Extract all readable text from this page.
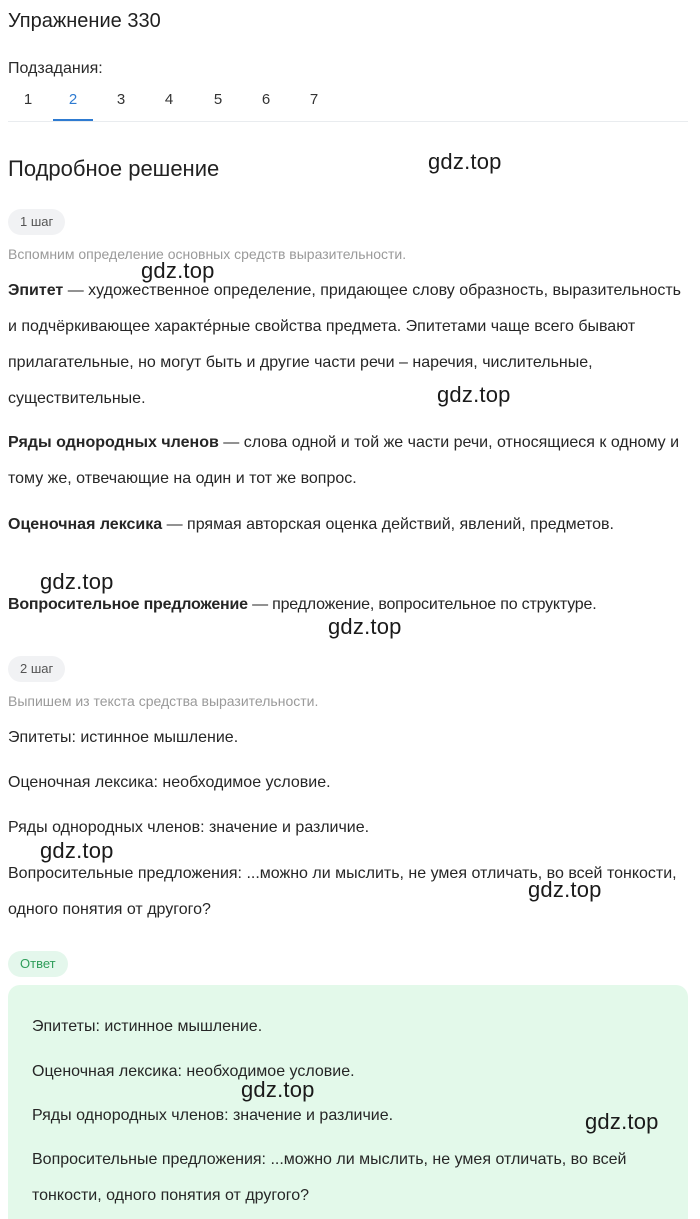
Упражнение 330
Подзадания:
1	2	3	4	5	6	7
Подробное решение
1 шаг
Вспомним определение основных средств выразительности.
Эпитет — художественное определение, придающее слову образность, выразительность и подчёркивающее характе́рные свойства предмета. Эпитетами чаще всего бывают прилагательные, но могут быть и другие части речи – наречия, числительные, существительные.
Ряды однородных членов — слова одной и той же части речи, относящиеся к одному и тому же, отвечающие на один и тот же вопрос.
Оценочная лексика — прямая авторская оценка действий, явлений, предметов.
Вопросительное предложение — предложение, вопросительное по структуре.
2 шаг
Выпишем из текста средства выразительности.
Эпитеты: истинное мышление.
Оценочная лексика: необходимое условие.
Ряды однородных членов: значение и различие.
Вопросительные предложения: ...можно ли мыслить, не умея отличать, во всей тонкости, одного понятия от другого?
Ответ
Эпитеты: истинное мышление.
Оценочная лексика: необходимое условие.
Ряды однородных членов: значение и различие.
Вопросительные предложения: ...можно ли мыслить, не умея отличать, во всей тонкости, одного понятия от другого?
gdz.top
gdz.top
gdz.top
gdz.top
gdz.top
gdz.top
gdz.top
gdz.top
gdz.top
